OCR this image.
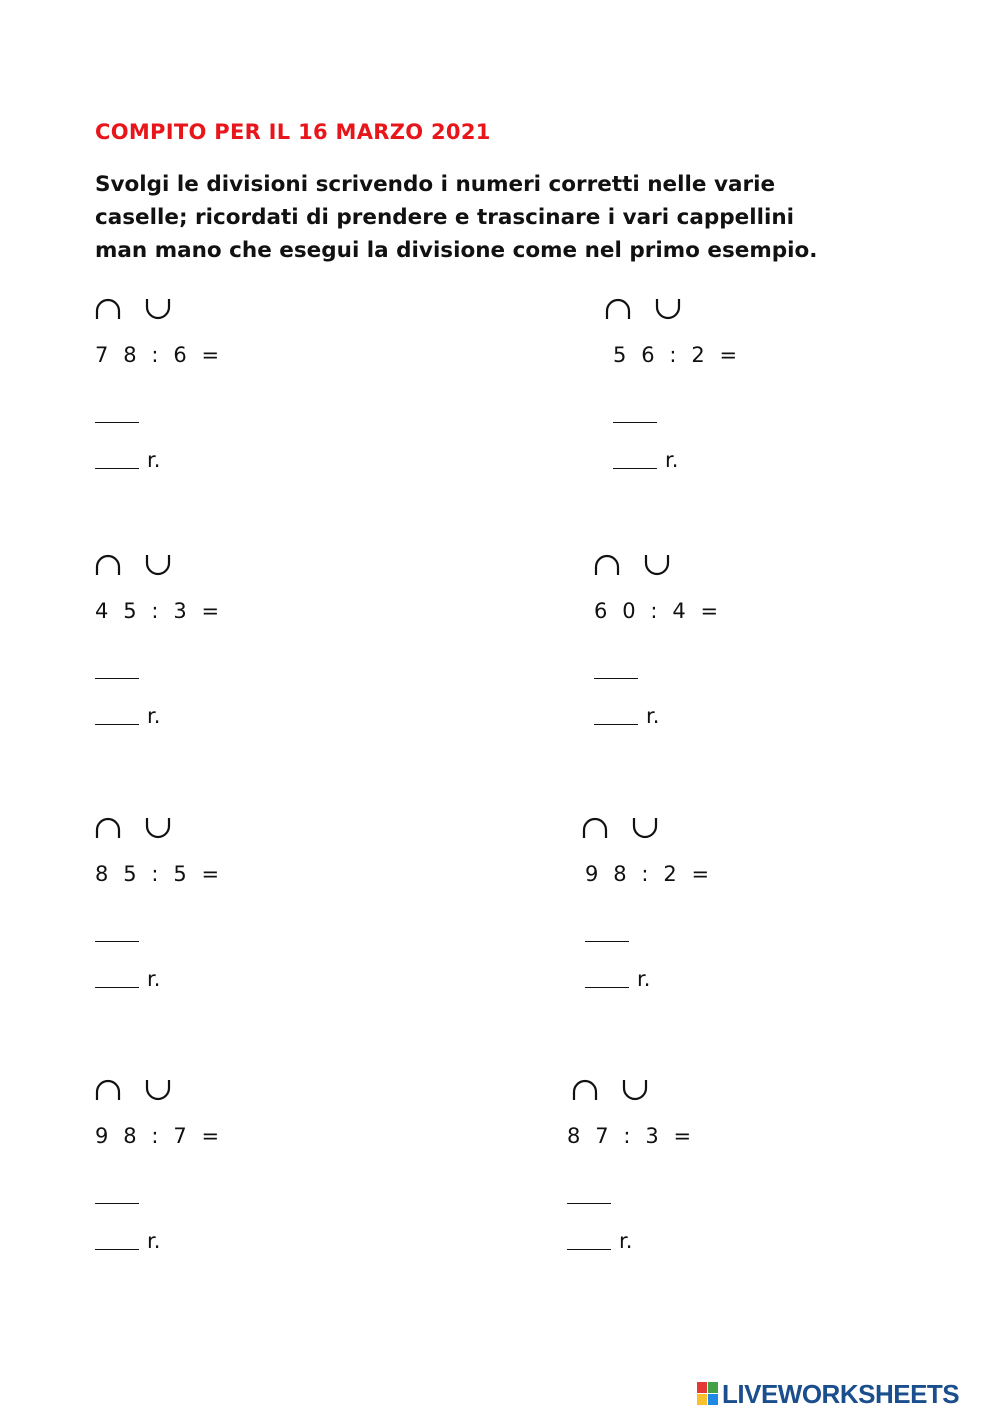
COMPITO PER IL 16 MARZO 2021
Svolgi le divisioni scrivendo i numeri corretti nelle varie
caselle; ricordati di prendere e trascinare i vari cappellini
man mano che esegui la divisione come nel primo esempio.
7  8  :  6  =
r.
5  6  :  2  =
r.
4  5  :  3  =
r.
6  0  :  4  =
r.
8  5  :  5  =
r.
9  8  :  2  =
r.
9  8  :  7  =
r.
8  7  :  3  =
r.
LIVEWORKSHEETS
